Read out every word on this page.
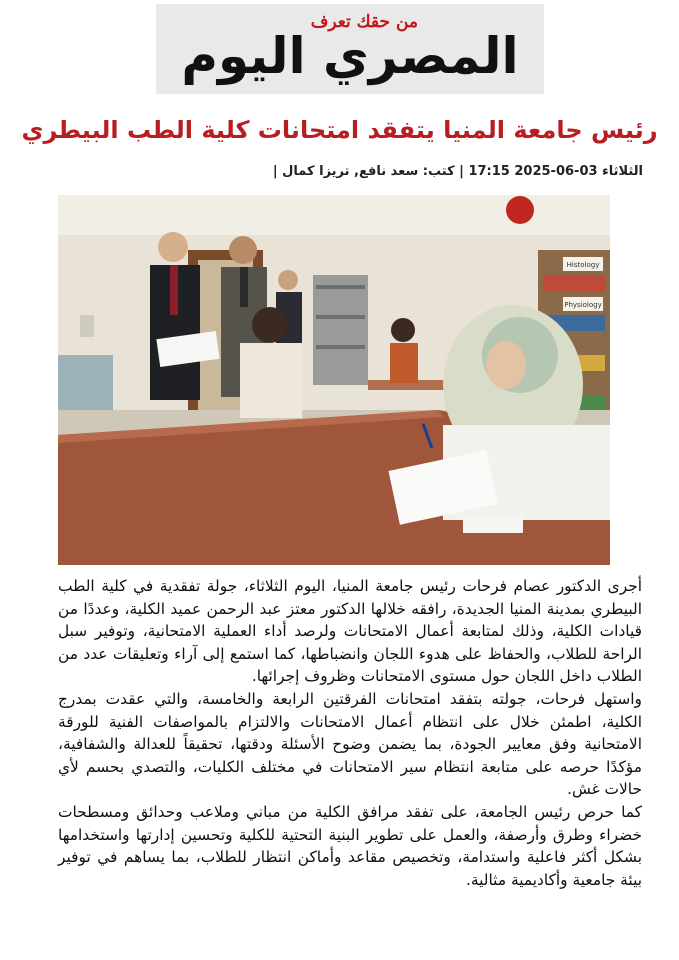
من حقك تعرف
المصري اليوم
رئيس جامعة المنيا يتفقد امتحانات كلية الطب البيطري
الثلاثاء 03-06-2025 17:15 | كتب: سعد نافع, تريزا كمال |
Histology
Physiology

أجرى الدكتور عصام فرحات رئيس جامعة المنيا، اليوم الثلاثاء، جولة تفقدية في كلية الطب البيطري بمدينة المنيا الجديدة، رافقه خلالها الدكتور معتز عبد الرحمن عميد الكلية، وعددًا من قيادات الكلية، وذلك لمتابعة أعمال الامتحانات ولرصد أداء العملية الامتحانية، وتوفير سبل الراحة للطلاب، والحفاظ على هدوء اللجان وانضباطها، كما استمع إلى آراء وتعليقات عدد من الطلاب داخل اللجان حول مستوى الامتحانات وظروف إجرائها.

واستهل فرحات، جولته بتفقد امتحانات الفرقتين الرابعة والخامسة، والتي عقدت بمدرج الكلية، اطمئن خلال على انتظام أعمال الامتحانات والالتزام بالمواصفات الفنية للورقة الامتحانية وفق معايير الجودة، بما يضمن وضوح الأسئلة ودقتها، تحقيقاً للعدالة والشفافية، مؤكدًا حرصه على متابعة انتظام سير الامتحانات في مختلف الكليات، والتصدي بحسم لأي حالات غش.

كما حرص رئيس الجامعة، على تفقد مرافق الكلية من مباني وملاعب وحدائق ومسطحات خضراء وطرق وأرصفة، والعمل على تطوير البنية التحتية للكلية وتحسين إدارتها واستخدامها بشكل أكثر فاعلية واستدامة، وتخصيص مقاعد وأماكن انتظار للطلاب، بما يساهم في توفير بيئة جامعية وأكاديمية مثالية.
